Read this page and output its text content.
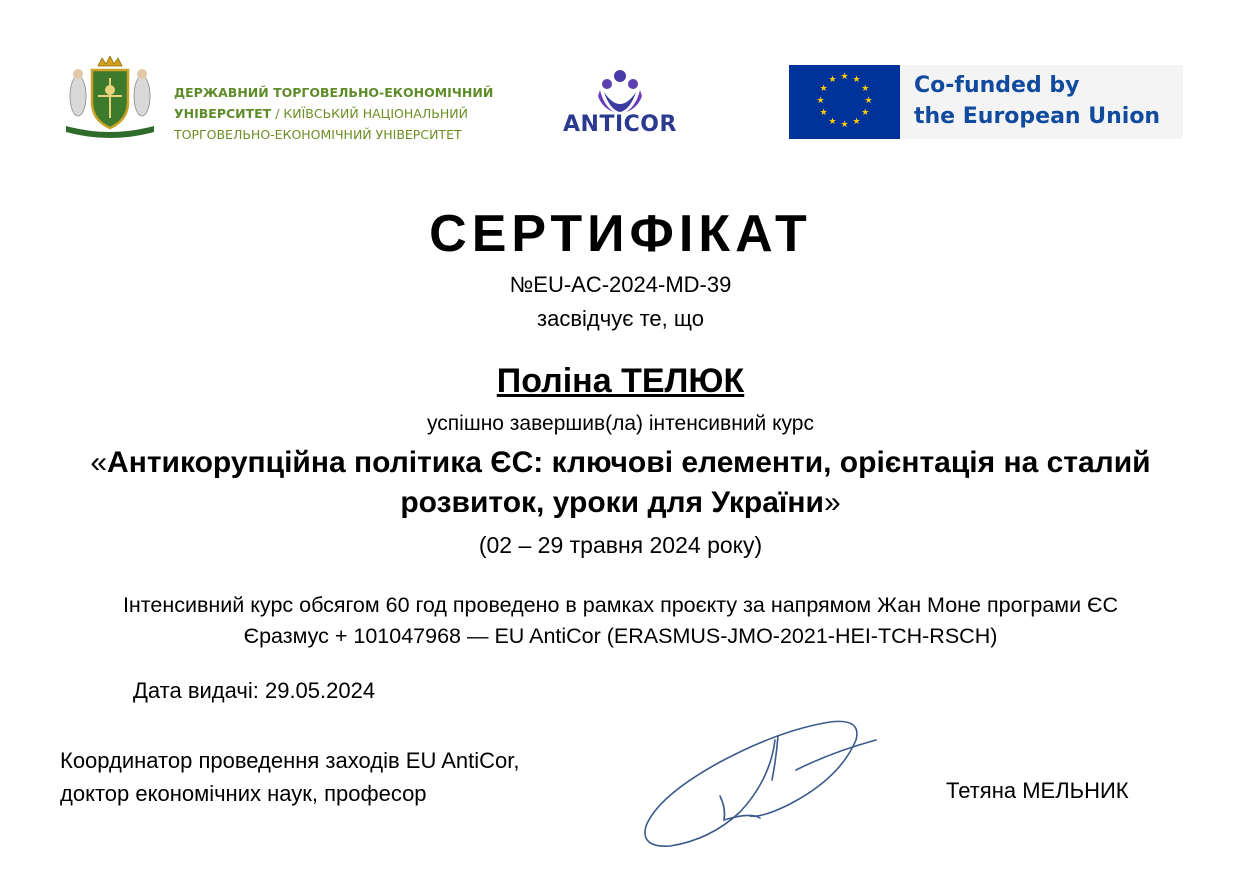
ДЕРЖАВНИЙ ТОРГОВЕЛЬНО-ЕКОНОМІЧНИЙ УНІВЕРСИТЕТ / КИЇВСЬКИЙ НАЦІОНАЛЬНИЙ ТОРГОВЕЛЬНО-ЕКОНОМІЧНИЙ УНІВЕРСИТЕТ	ANTICOR
★ ★
★
★
★
★
★
★
★
★
★
★	Co-funded by
the European Union
СЕРТИФІКАТ
№EU-AC-2024-MD-39
засвідчує те, що
Поліна ТЕЛЮК
успішно завершив(ла) інтенсивний курс
«Антикорупційна політика ЄС: ключові елементи, орієнтація на сталий розвиток, уроки для України»
(02 – 29 травня 2024 року)
Інтенсивний курс обсягом 60 год проведено в рамках проєкту за напрямом Жан Моне програми ЄС Єразмус + 101047968 — EU AntiCor (ERASMUS-JMO-2021-HEI-TCH-RSCH)
Дата видачі: 29.05.2024
Координатор проведення заходів EU AntiCor,
доктор економічних наук, професор	Тетяна МЕЛЬНИК
